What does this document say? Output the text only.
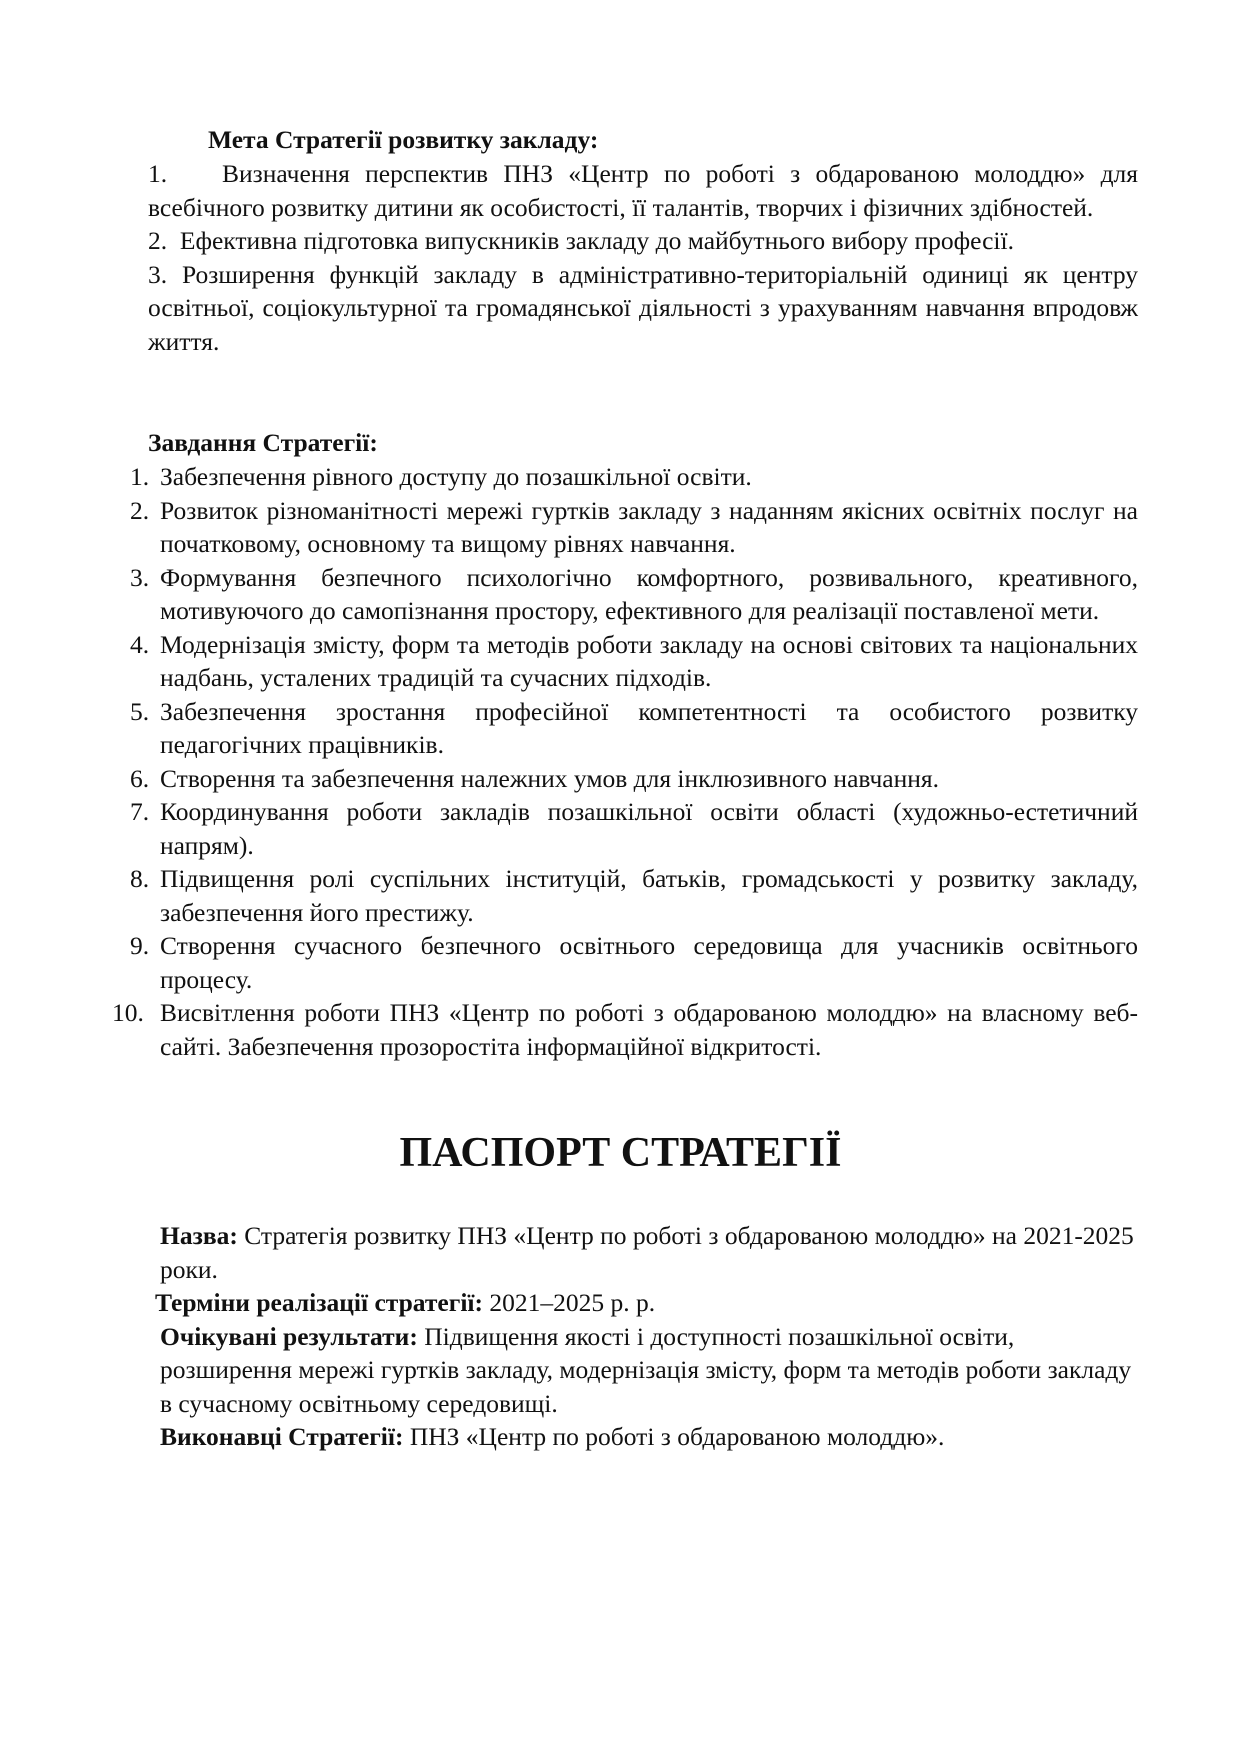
Мета Стратегії розвитку закладу:

1. Визначення перспектив ПНЗ «Центр по роботі з обдарованою молоддю» для всебічного розвитку дитини як особистості, її талантів, творчих і фізичних здібностей.

2. Ефективна підготовка випускників закладу до майбутнього вибору професії.

3. Розширення функцій закладу в адміністративно-територіальній одиниці як центру освітньої, соціокультурної та громадянської діяльності з урахуванням навчання впродовж життя.

Завдання Стратегії:
1. Забезпечення рівного доступу до позашкільної освіти.
2. Розвиток різноманітності мережі гуртків закладу з наданням якісних освітніх послуг на початковому, основному та вищому рівнях навчання.
3. Формування безпечного психологічно комфортного, розвивального, креативного, мотивуючого до самопізнання простору, ефективного для реалізації поставленої мети.
4. Модернізація змісту, форм та методів роботи закладу на основі світових та національних надбань, усталених традицій та сучасних підходів.
5. Забезпечення зростання професійної компетентності та особистого розвитку педагогічних працівників.
6. Створення та забезпечення належних умов для інклюзивного навчання.
7. Координування роботи закладів позашкільної освіти області (художньо-естетичний напрям).
8. Підвищення ролі суспільних інституцій, батьків, громадськості у розвитку закладу, забезпечення його престижу.
9. Створення сучасного безпечного освітнього середовища для учасників освітнього процесу.
10. Висвітлення роботи ПНЗ «Центр по роботі з обдарованою молоддю» на власному веб-сайті. Забезпечення прозоростіта інформаційної відкритості.
ПАСПОРТ СТРАТЕГІЇ

Назва: Стратегія розвитку ПНЗ «Центр по роботі з обдарованою молоддю» на 2021-2025 роки.

Терміни реалізації стратегії: 2021–2025 р. р.

Очікувані результати: Підвищення якості і доступності позашкільної освіти, розширення мережі гуртків закладу, модернізація змісту, форм та методів роботи закладу в сучасному освітньому середовищі.

Виконавці Стратегії: ПНЗ «Центр по роботі з обдарованою молоддю».
